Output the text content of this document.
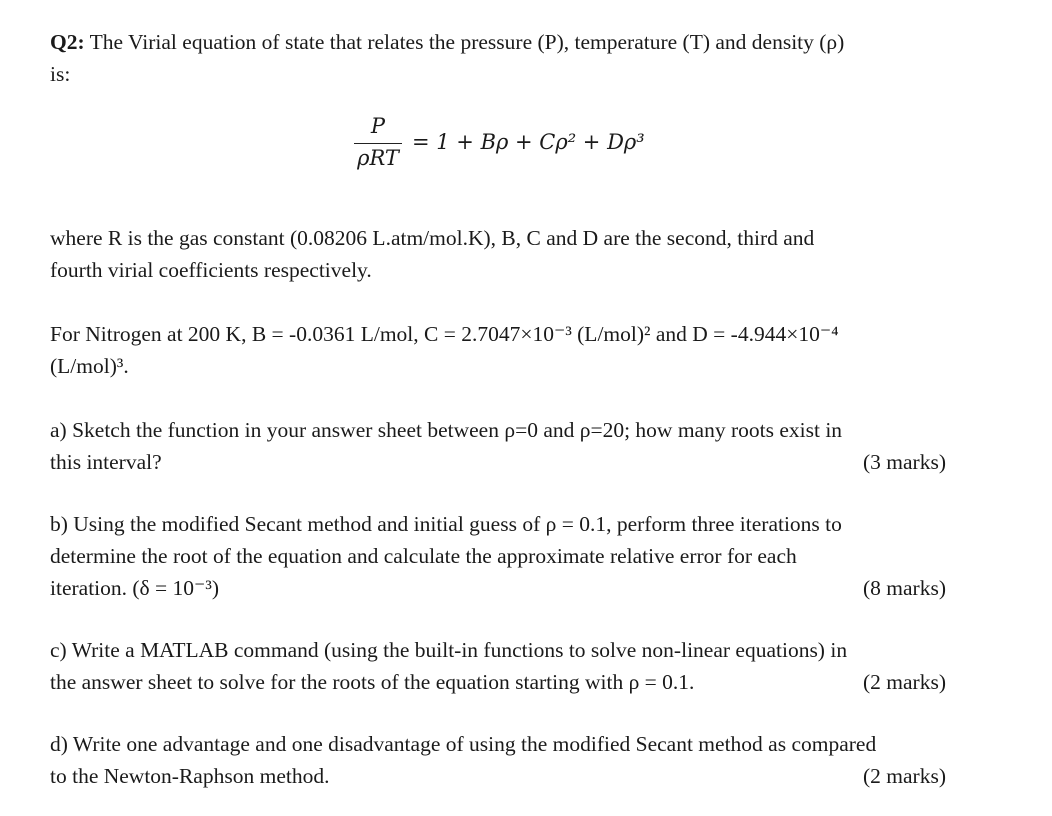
Q2: The Virial equation of state that relates the pressure (P), temperature (T) and density (ρ)
is:
P
ρRT
= 1 + Bρ + Cρ² + Dρ³
where R is the gas constant (0.08206 L.atm/mol.K), B, C and D are the second, third and
fourth virial coefficients respectively.
For Nitrogen at 200 K, B = -0.0361 L/mol, C = 2.7047×10⁻³ (L/mol)² and D = -4.944×10⁻⁴
(L/mol)³.
a) Sketch the function in your answer sheet between ρ=0 and ρ=20; how many roots exist in
this interval?	(3 marks)
b) Using the modified Secant method and initial guess of ρ = 0.1, perform three iterations to
determine the root of the equation and calculate the approximate relative error for each
iteration. (δ = 10⁻³)	(8 marks)
c) Write a MATLAB command (using the built-in functions to solve non-linear equations) in
the answer sheet to solve for the roots of the equation starting with ρ = 0.1.	(2 marks)
d) Write one advantage and one disadvantage of using the modified Secant method as compared
to the Newton-Raphson method.	(2 marks)
